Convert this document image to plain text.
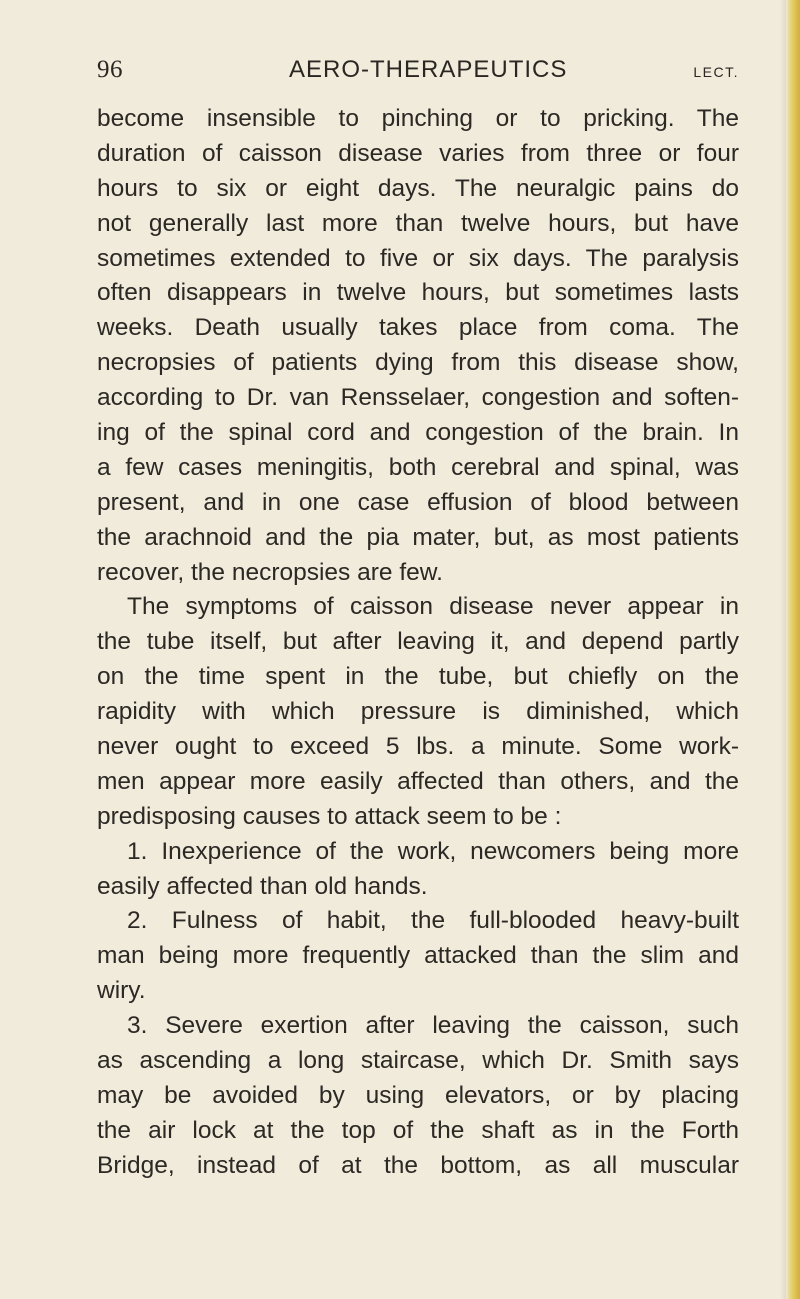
96	AERO-THERAPEUTICS	LECT.
become insensible to pinching or to pricking. The
duration of caisson disease varies from three or four
hours to six or eight days. The neuralgic pains do
not generally last more than twelve hours, but have
sometimes extended to five or six days. The paralysis
often disappears in twelve hours, but sometimes lasts
weeks. Death usually takes place from coma. The
necropsies of patients dying from this disease show,
according to Dr. van Rensselaer, congestion and soften-
ing of the spinal cord and congestion of the brain. In
a few cases meningitis, both cerebral and spinal, was
present, and in one case effusion of blood between
the arachnoid and the pia mater, but, as most patients
recover, the necropsies are few.
The symptoms of caisson disease never appear in
the tube itself, but after leaving it, and depend partly
on the time spent in the tube, but chiefly on the
rapidity with which pressure is diminished, which
never ought to exceed 5 lbs. a minute. Some work-
men appear more easily affected than others, and the
predisposing causes to attack seem to be :
1. Inexperience of the work, newcomers being more
easily affected than old hands.
2. Fulness of habit, the full-blooded heavy-built
man being more frequently attacked than the slim and
wiry.
3. Severe exertion after leaving the caisson, such
as ascending a long staircase, which Dr. Smith says
may be avoided by using elevators, or by placing
the air lock at the top of the shaft as in the Forth
Bridge, instead of at the bottom, as all muscular
